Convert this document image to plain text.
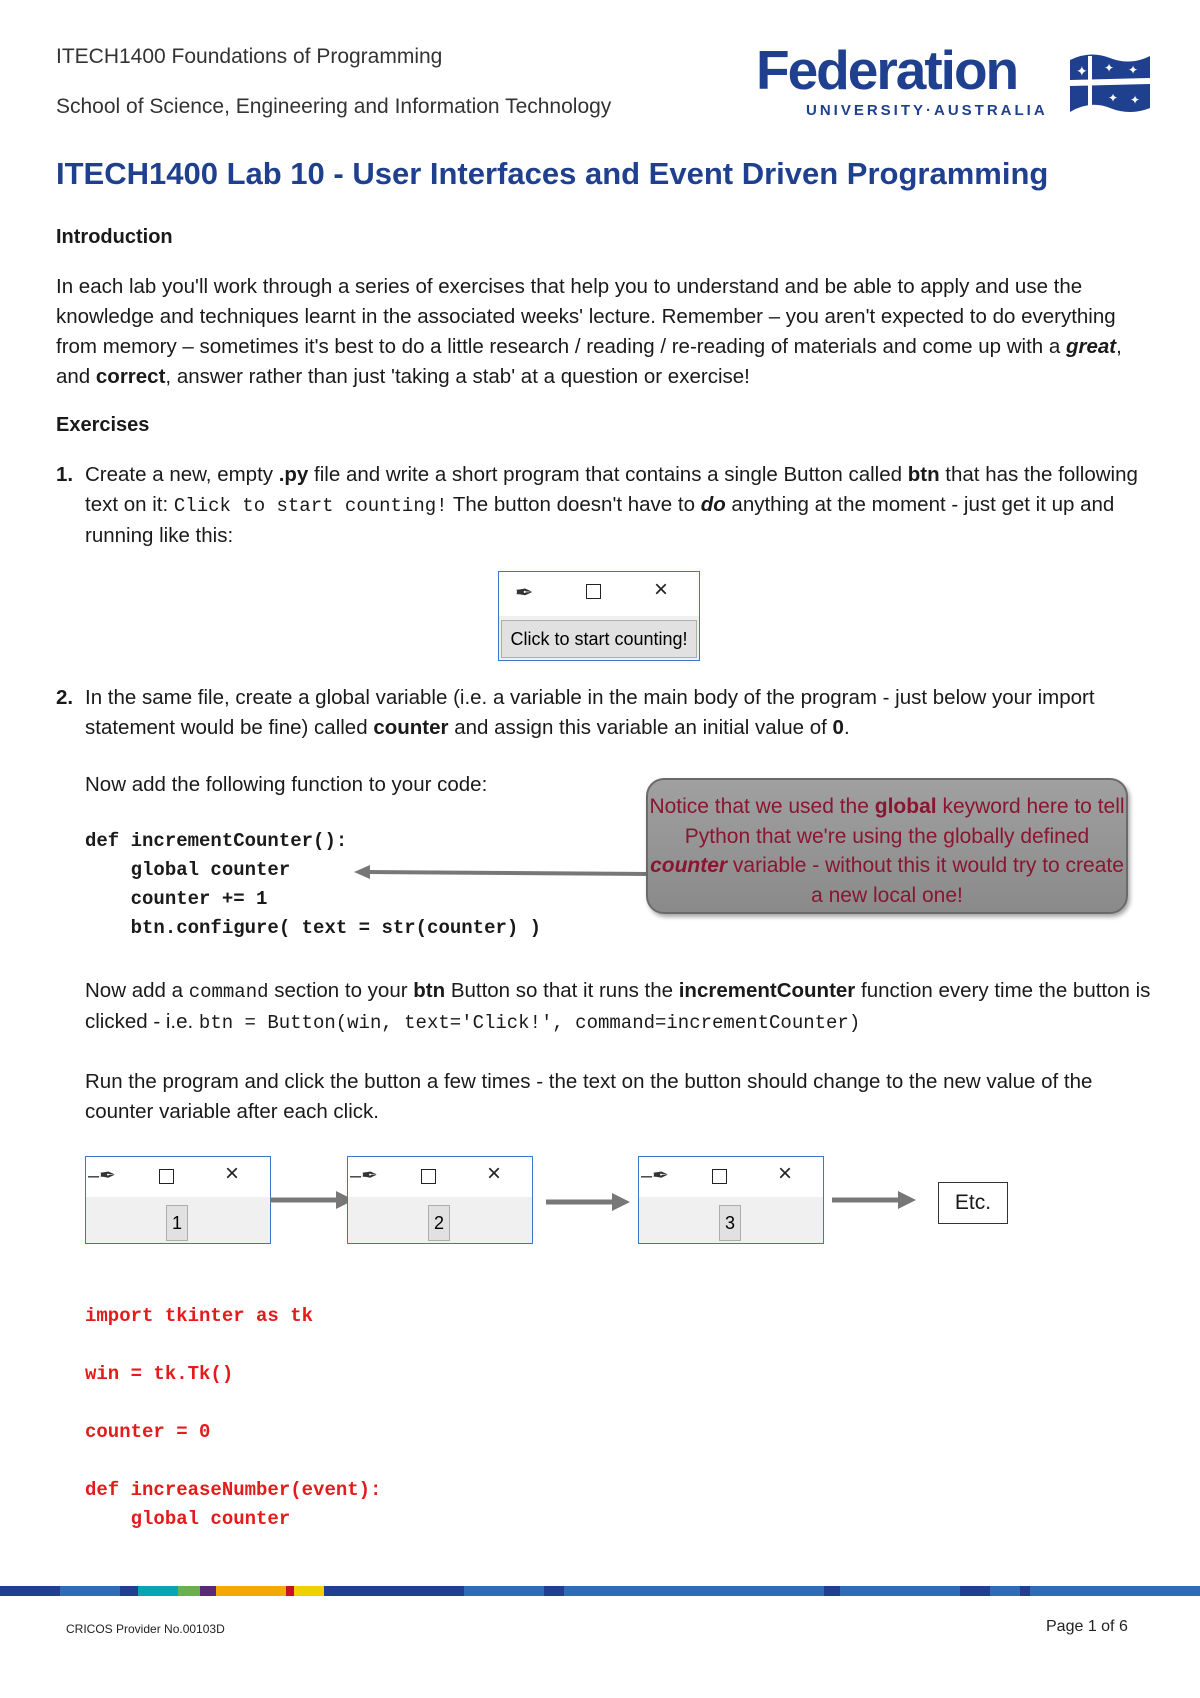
ITECH1400 Foundations of Programming
School of Science, Engineering and Information Technology
Federation
UNIVERSITY·AUSTRALIA
✦ ✦ ✦
✦ ✦
ITECH1400 Lab 10 - User Interfaces and Event Driven Programming
Introduction
In each lab you'll work through a series of exercises that help you to understand and be able to apply and use the knowledge and techniques learnt in the associated weeks' lecture. Remember – you aren't expected to do everything from memory – sometimes it's best to do a little research / reading / re-reading of materials and come up with a great, and correct, answer rather than just 'taking a stab' at a question or exercise!
Exercises
1. Create a new, empty .py file and write a short program that contains a single Button called btn that has the following text on it: Click to start counting! The button doesn't have to do anything at the moment - just get it up and running like this:
✒	×
Click to start counting!
2. In the same file, create a global variable (i.e. a variable in the main body of the program - just below your import statement would be fine) called counter and assign this variable an initial value of 0.
Now add the following function to your code:
def incrementCounter():
global counter
counter += 1
btn.configure( text = str(counter) )
Notice that we used the global keyword here to tell Python that we're using the globally defined counter variable - without this it would try to create a new local one!
Now add a command section to your btn Button so that it runs the incrementCounter function every time the button is clicked - i.e. btn = Button(win, text='Click!', command=incrementCounter)
Run the program and click the button a few times - the text on the button should change to the new value of the counter variable after each click.
–✒	×
1
–✒	×
2
–✒	×
3
Etc.
import tkinter as tk
win = tk.Tk()
counter = 0
def increaseNumber(event):
global counter
CRICOS Provider No.00103D	Page 1 of 6
